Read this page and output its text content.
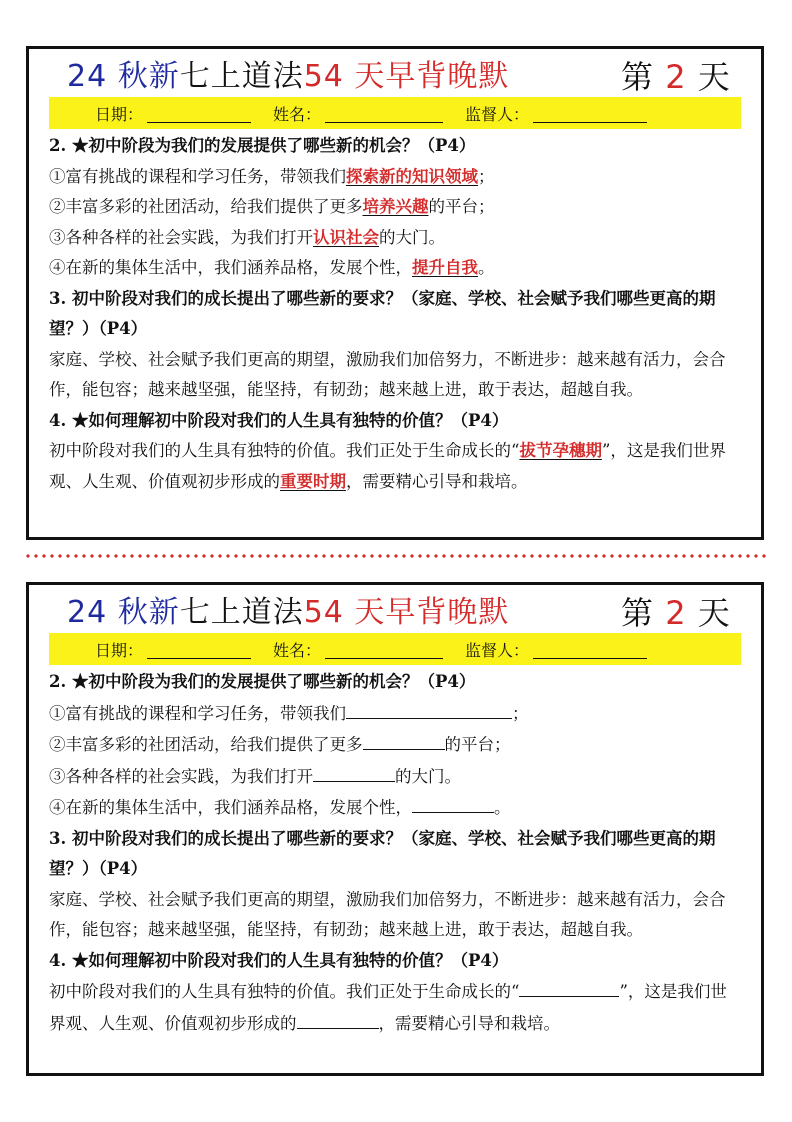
24 秋新 七上道法 54 天早背晚默	第 2 天
日期：	姓名：	监督人：
2. ★初中阶段为我们的发展提供了哪些新的机会？（P4）
①富有挑战的课程和学习任务，带领我们探索新的知识领域；
②丰富多彩的社团活动，给我们提供了更多培养兴趣的平台；
③各种各样的社会实践，为我们打开认识社会的大门。
④在新的集体生活中，我们涵养品格，发展个性，提升自我。
3. 初中阶段对我们的成长提出了哪些新的要求？（家庭、学校、社会赋予我们哪些更高的期望？）（P4）
家庭、学校、社会赋予我们更高的期望，激励我们加倍努力，不断进步：越来越有活力，会合作，能包容；越来越坚强，能坚持，有韧劲；越来越上进，敢于表达，超越自我。
4. ★如何理解初中阶段对我们的人生具有独特的价值？（P4）
初中阶段对我们的人生具有独特的价值。我们正处于生命成长的“拔节孕穗期”，这是我们世界观、人生观、价值观初步形成的重要时期，需要精心引导和栽培。
24 秋新 七上道法 54 天早背晚默	第 2 天
日期：	姓名：	监督人：
2. ★初中阶段为我们的发展提供了哪些新的机会？（P4）
①富有挑战的课程和学习任务，带领我们	；
②丰富多彩的社团活动，给我们提供了更多	的平台；
③各种各样的社会实践，为我们打开	的大门。
④在新的集体生活中，我们涵养品格，发展个性，	。
3. 初中阶段对我们的成长提出了哪些新的要求？（家庭、学校、社会赋予我们哪些更高的期望？）（P4）
家庭、学校、社会赋予我们更高的期望，激励我们加倍努力，不断进步：越来越有活力，会合作，能包容；越来越坚强，能坚持，有韧劲；越来越上进，敢于表达，超越自我。
4. ★如何理解初中阶段对我们的人生具有独特的价值？（P4）
初中阶段对我们的人生具有独特的价值。我们正处于生命成长的“	”，这是我们世界观、人生观、价值观初步形成的	，需要精心引导和栽培。
